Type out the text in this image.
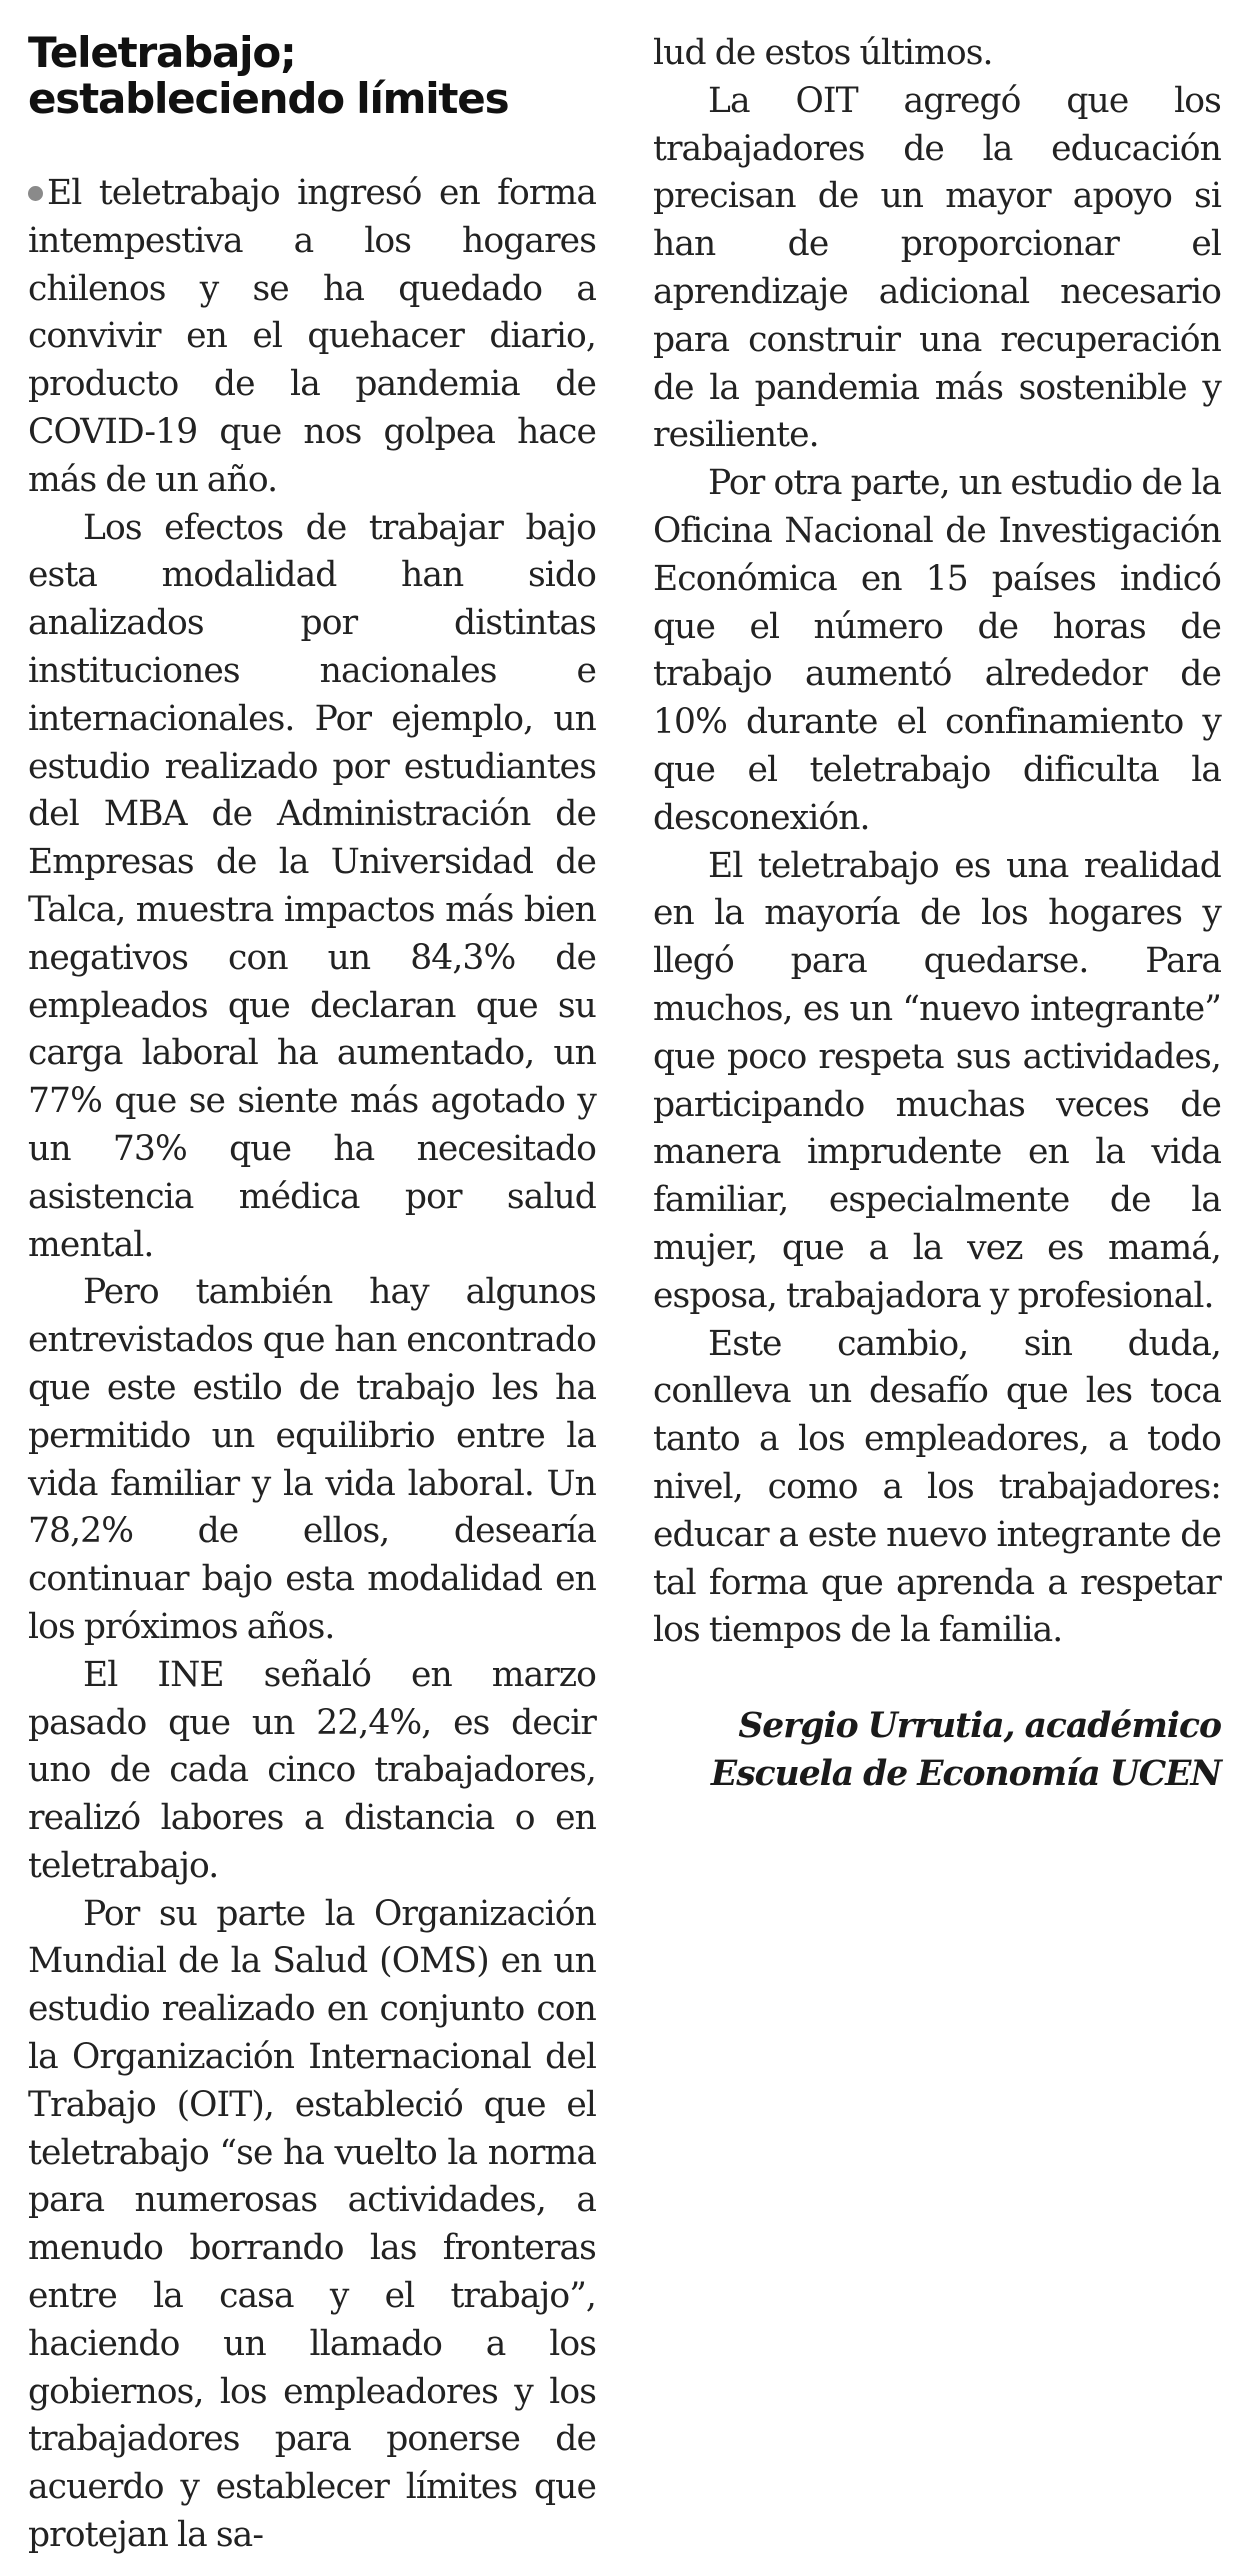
Teletrabajo; estableciendo límites

El teletrabajo ingresó en forma intempestiva a los hogares chilenos y se ha quedado a convivir en el quehacer diario, producto de la pandemia de COVID-19 que nos golpea hace más de un año.

Los efectos de trabajar bajo esta modalidad han sido analizados por distintas instituciones nacionales e internacionales. Por ejemplo, un estudio realizado por estudiantes del MBA de Administración de Empresas de la Universidad de Talca, muestra impactos más bien negativos con un 84,3% de empleados que declaran que su carga laboral ha aumentado, un 77% que se siente más agotado y un 73% que ha necesitado asistencia médica por salud mental.

Pero también hay algunos entrevistados que han encontrado que este estilo de trabajo les ha permitido un equilibrio entre la vida familiar y la vida laboral. Un 78,2% de ellos, desearía continuar bajo esta modalidad en los próximos años.

El INE señaló en marzo pasado que un 22,4%, es decir uno de cada cinco trabajadores, realizó labores a distancia o en teletrabajo.

Por su parte la Organización Mundial de la Salud (OMS) en un estudio realizado en conjunto con la Organización Internacional del Trabajo (OIT), estableció que el teletrabajo “se ha vuelto la norma para numerosas actividades, a menudo borrando las fronteras entre la casa y el trabajo”, haciendo un llamado a los gobiernos, los empleadores y los trabajadores para ponerse de acuerdo y establecer límites que protejan la sa-

lud de estos últimos.

La OIT agregó que los trabajadores de la educación precisan de un mayor apoyo si han de proporcionar el aprendizaje adicional necesario para construir una recuperación de la pandemia más sostenible y resiliente.

Por otra parte, un estudio de la Oficina Nacional de Investigación Económica en 15 países indicó que el número de horas de trabajo aumentó alrededor de 10% durante el confinamiento y que el teletrabajo dificulta la desconexión.

El teletrabajo es una realidad en la mayoría de los hogares y llegó para quedarse. Para muchos, es un “nuevo integrante” que poco respeta sus actividades, participando muchas veces de manera imprudente en la vida familiar, especialmente de la mujer, que a la vez es mamá, esposa, trabajadora y profesional.

Este cambio, sin duda, conlleva un desafío que les toca tanto a los empleadores, a todo nivel, como a los trabajadores: educar a este nuevo integrante de tal forma que aprenda a respetar los tiempos de la familia.

Sergio Urrutia, académico Escuela de Economía UCEN
